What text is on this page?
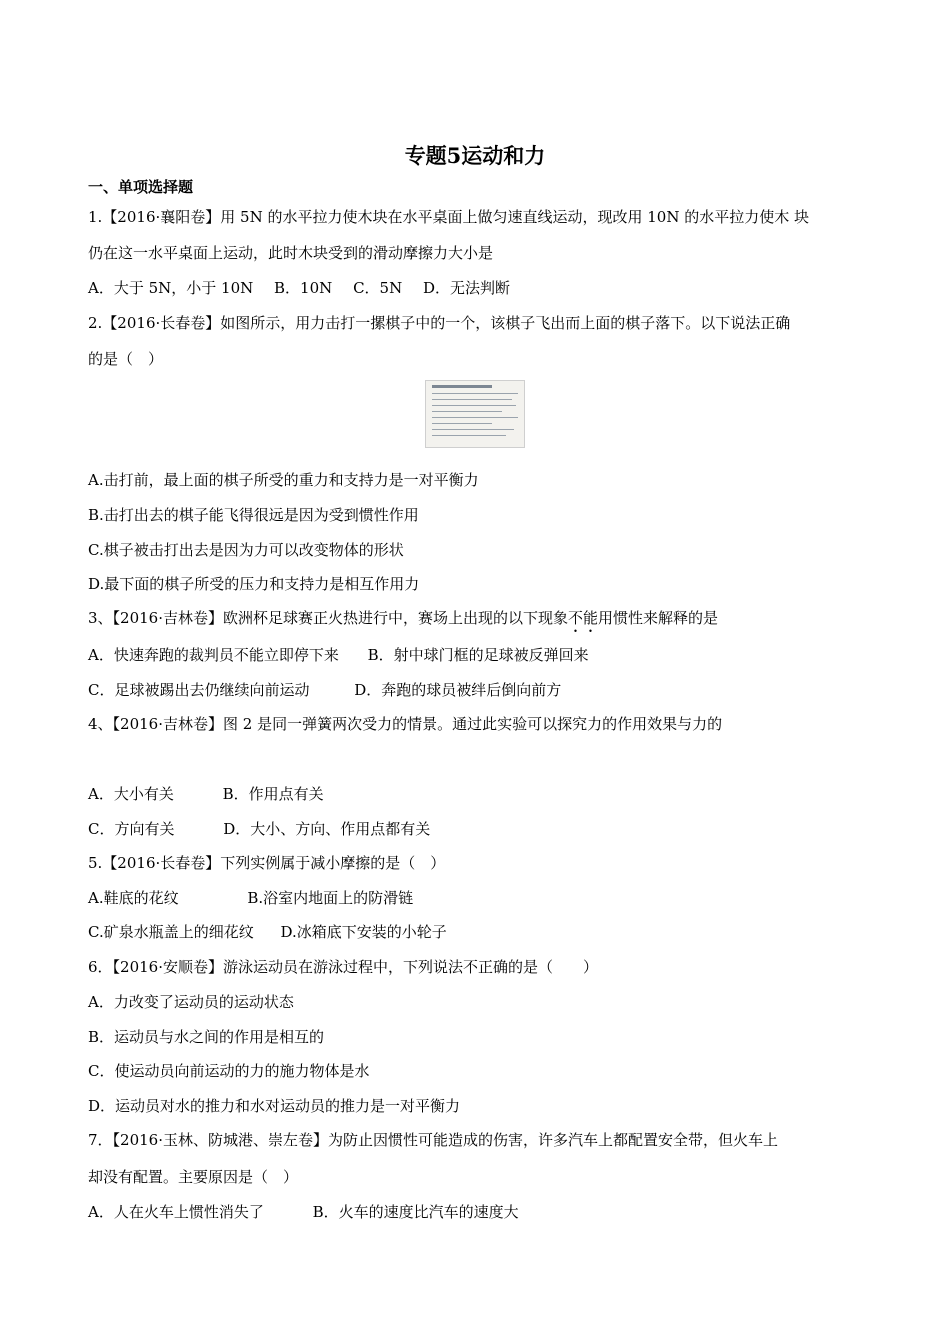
专题5运动和力
一、单项选择题
1.【2016·襄阳卷】用 5N 的水平拉力使木块在水平桌面上做匀速直线运动，现改用 10N 的水平拉力使木 块
仍在这一水平桌面上运动，此时木块受到的滑动摩擦力大小是
A．大于 5N，小于 10N B．10N C．5N D．无法判断
2.【2016·长春卷】如图所示，用力击打一摞棋子中的一个，该棋子飞出而上面的棋子落下。以下说法正确
的是（　）
A.击打前，最上面的棋子所受的重力和支持力是一对平衡力
B.击打出去的棋子能飞得很远是因为受到惯性作用
C.棋子被击打出去是因为力可以改变物体的形状
D.最下面的棋子所受的压力和支持力是相互作用力
3、【2016·吉林卷】欧洲杯足球赛正火热进行中，赛场上出现的以下现象不能用惯性来解释的是
A．快速奔跑的裁判员不能立即停下来 B．射中球门框的足球被反弹回来
C．足球被踢出去仍继续向前运动	D．奔跑的球员被绊后倒向前方
4、【2016·吉林卷】图 2 是同一弹簧两次受力的情景。通过此实验可以探究力的作用效果与力的
A．大小有关	B．作用点有关
C．方向有关	D．大小、方向、作用点都有关
5.【2016·长春卷】下列实例属于减小摩擦的是（　）
A.鞋底的花纹	B.浴室内地面上的防滑链
C.矿泉水瓶盖上的细花纹 D.冰箱底下安装的小轮子
6．【2016·安顺卷】游泳运动员在游泳过程中，下列说法不正确的是（　　）
A．力改变了运动员的运动状态
B．运动员与水之间的作用是相互的
C．使运动员向前运动的力的施力物体是水
D．运动员对水的推力和水对运动员的推力是一对平衡力
7．【2016·玉林、防城港、崇左卷】为防止因惯性可能造成的伤害，许多汽车上都配置安全带，但火车上
却没有配置。主要原因是（　）
A．人在火车上惯性消失了	B．火车的速度比汽车的速度大
